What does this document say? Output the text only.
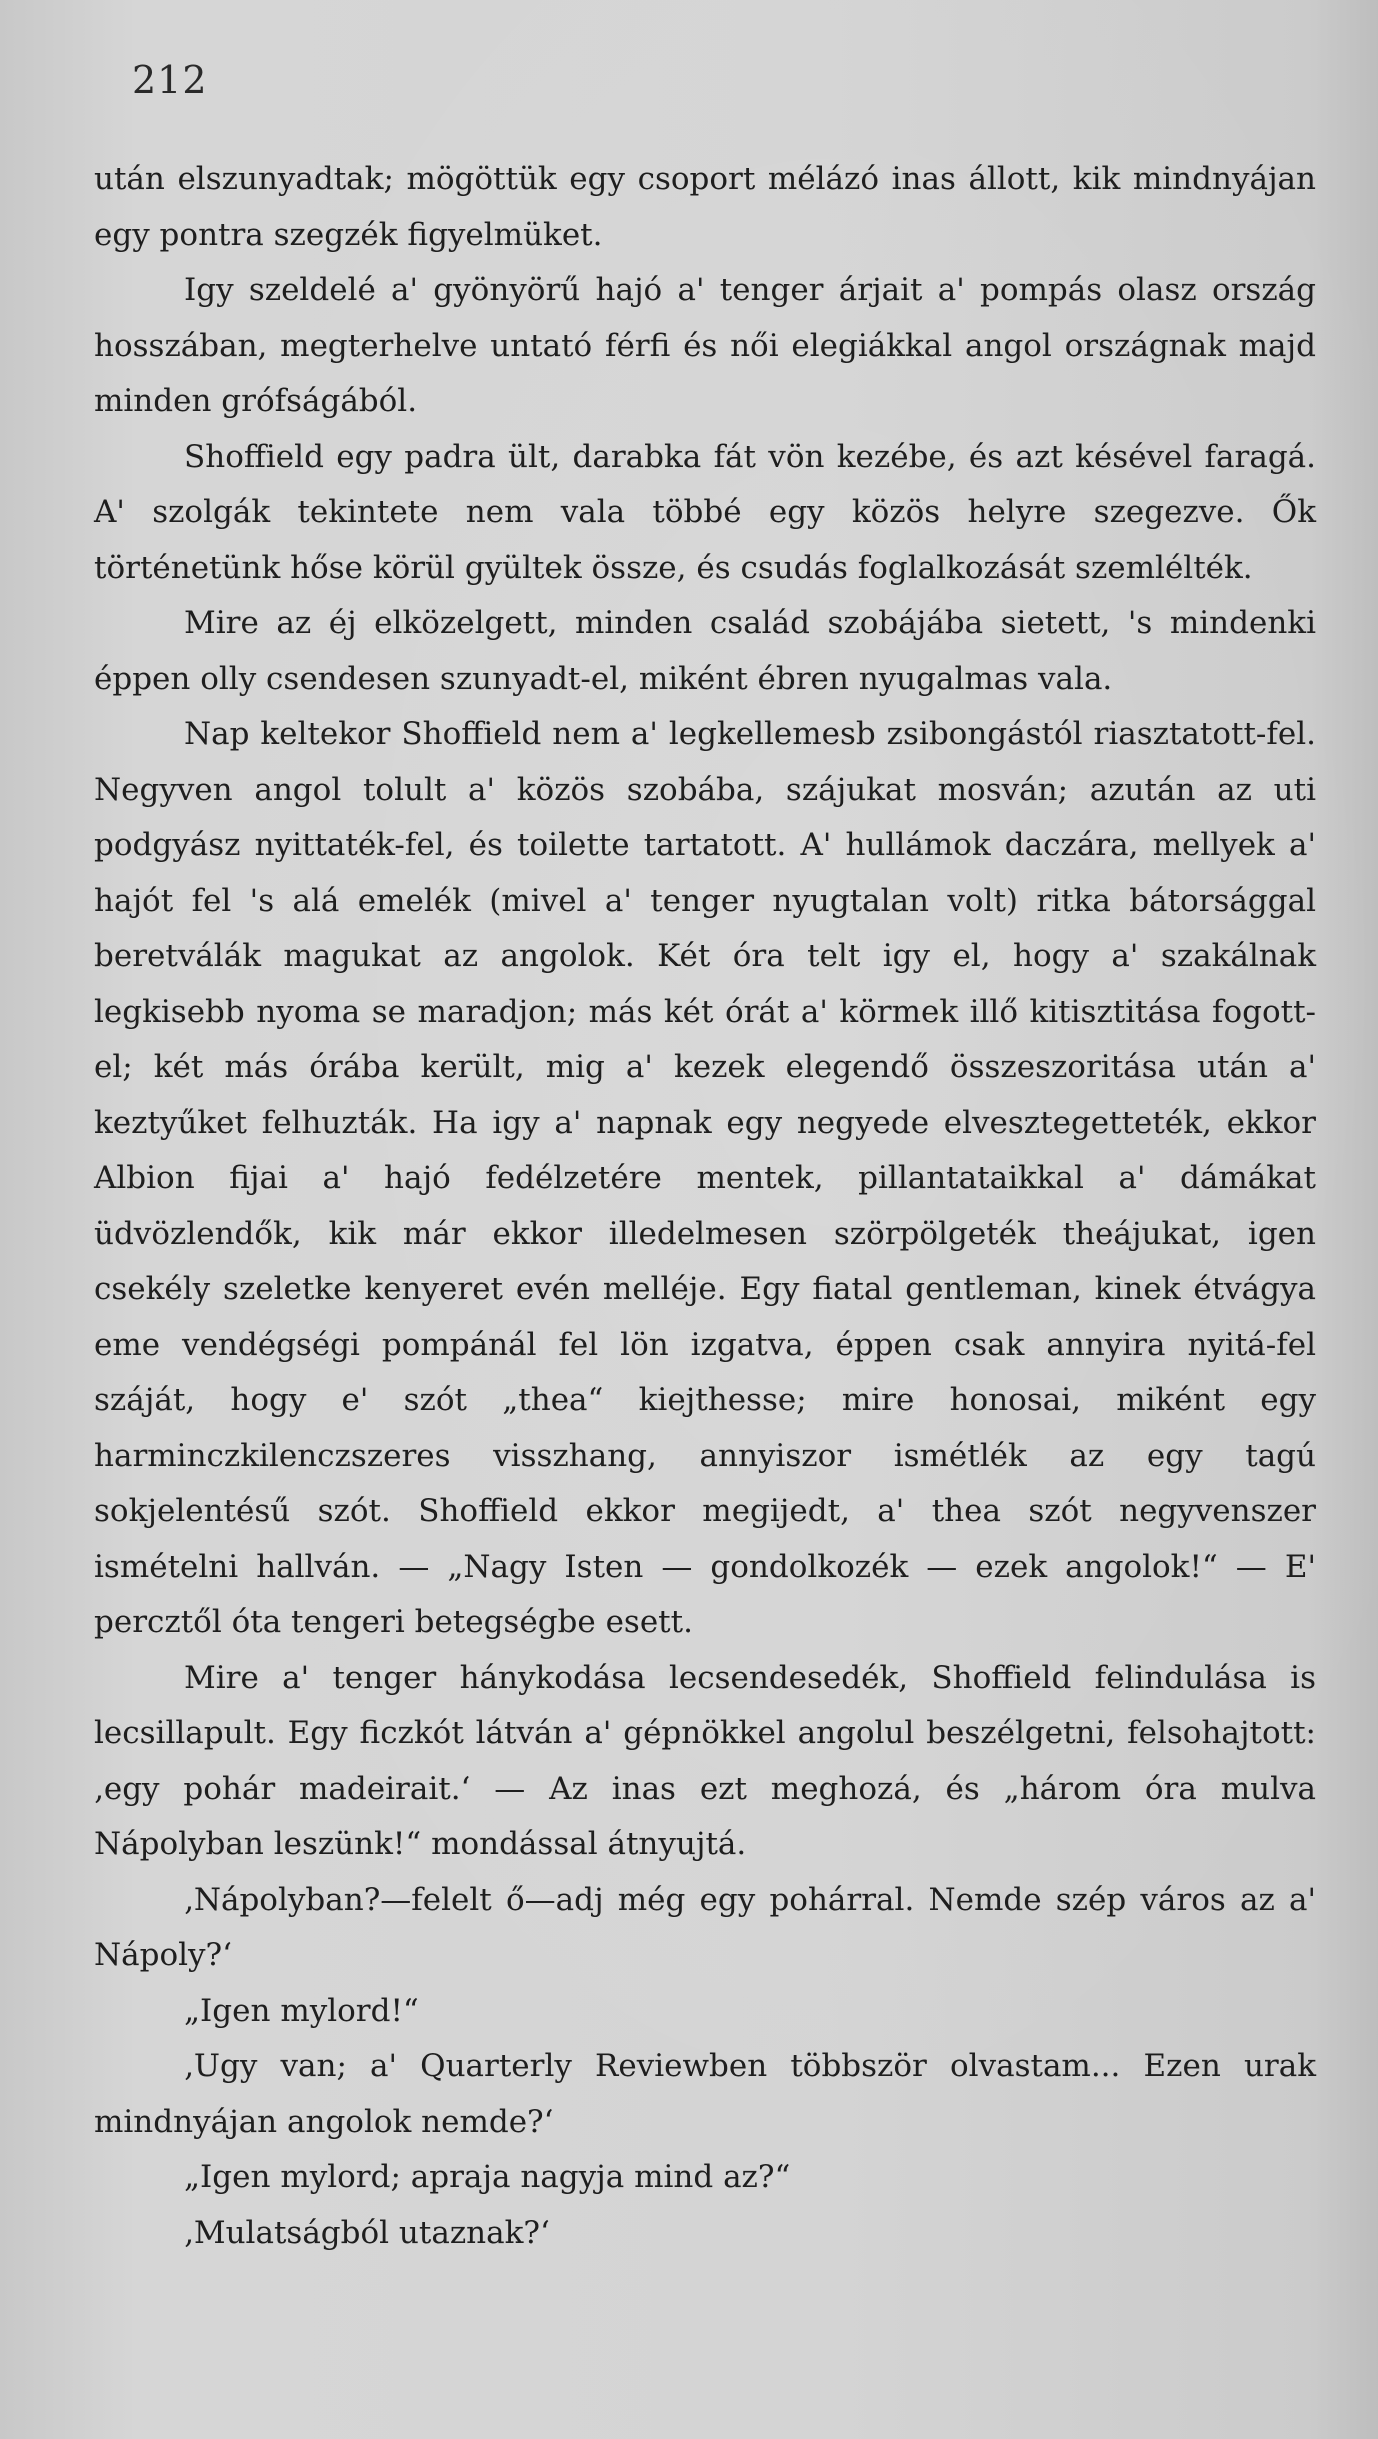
212

után elszunyadtak; mögöttük egy csoport mélázó inas állott, kik mindnyájan egy pontra szegzék figyelmüket.

Igy szeldelé a' gyönyörű hajó a' tenger árjait a' pompás olasz ország hosszában, megterhelve untató férfi és női elegiákkal angol országnak majd minden grófságából.

Shoffield egy padra ült, darabka fát vön kezébe, és azt késével faragá. A' szolgák tekintete nem vala többé egy közös helyre szegezve. Ők történetünk hőse körül gyültek össze, és csudás foglalkozását szemlélték.

Mire az éj elközelgett, minden család szobájába sietett, 's mindenki éppen olly csendesen szunyadt-el, miként ébren nyugalmas vala.

Nap keltekor Shoffield nem a' legkellemesb zsibongástól riasztatott-fel. Negyven angol tolult a' közös szobába, szájukat mosván; azután az uti podgyász nyittaték-fel, és toilette tartatott. A' hullámok daczára, mellyek a' hajót fel 's alá emelék (mivel a' tenger nyugtalan volt) ritka bátorsággal beretválák magukat az angolok. Két óra telt igy el, hogy a' szakálnak legkisebb nyoma se maradjon; más két órát a' körmek illő kitisztitása fogott-el; két más órába került, mig a' kezek elegendő összeszoritása után a' keztyűket felhuzták. Ha igy a' napnak egy negyede elvesztegetteték, ekkor Albion fijai a' hajó fedélzetére mentek, pillantataikkal a' dámákat üdvözlendők, kik már ekkor illedelmesen szörpölgeték theájukat, igen csekély szeletke kenyeret evén melléje. Egy fiatal gentleman, kinek étvágya eme vendégségi pompánál fel lön izgatva, éppen csak annyira nyitá-fel száját, hogy e' szót „thea“ kiejthesse; mire honosai, miként egy harminczkilenczszeres visszhang, annyiszor ismétlék az egy tagú sokjelentésű szót. Shoffield ekkor megijedt, a' thea szót negyvenszer ismételni hallván. — „Nagy Isten — gondolkozék — ezek angolok!“ — E' percztől óta tengeri betegségbe esett.

Mire a' tenger hánykodása lecsendesedék, Shoffield felindulása is lecsillapult. Egy ficzkót látván a' gépnökkel angolul beszélgetni, felsohajtott: ‚egy pohár madeirait.‘ — Az inas ezt meghozá, és „három óra mulva Nápolyban leszünk!“ mondással átnyujtá.

‚Nápolyban?—felelt ő—adj még egy pohárral. Nemde szép város az a' Nápoly?‘

„Igen mylord!“

‚Ugy van; a' Quarterly Reviewben többször olvastam... Ezen urak mindnyájan angolok nemde?‘

„Igen mylord; apraja nagyja mind az?“

‚Mulatságból utaznak?‘
